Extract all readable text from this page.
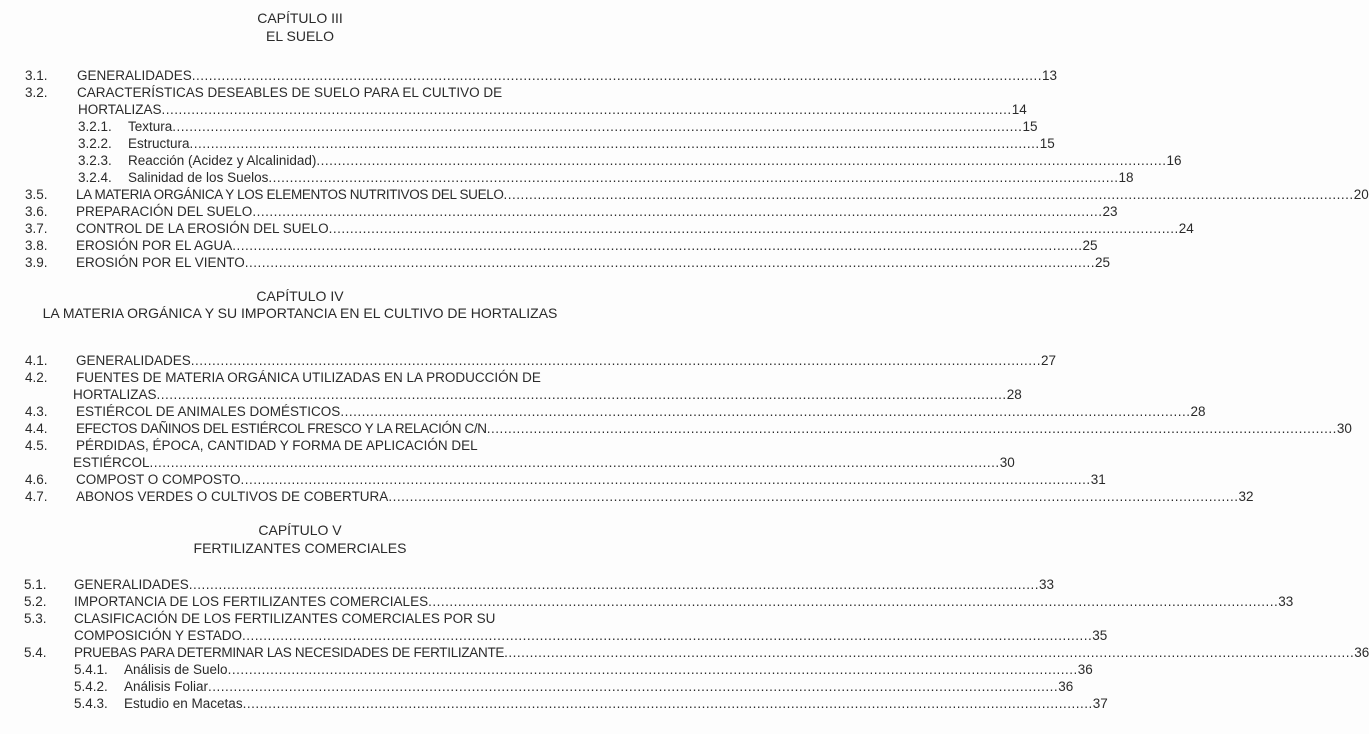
CAPÍTULO III
EL SUELO
3.1. GENERALIDADES ........................................................................................................................................................................................................ 13
3.2. CARACTERÍSTICAS DESEABLES DE SUELO PARA EL CULTIVO DE
HORTALIZAS ........................................................................................................................................................................................................ 14
3.2.1. Textura ........................................................................................................................................................................................................ 15
3.2.2. Estructura ........................................................................................................................................................................................................ 15
3.2.3. Reacción (Acidez y Alcalinidad) ........................................................................................................................................................................................................ 16
3.2.4. Salinidad de los Suelos ........................................................................................................................................................................................................ 18
3.5. LA MATERIA ORGÁNICA Y LOS ELEMENTOS NUTRITIVOS DEL SUELO ........................................................................................................................................................................................................ 20
3.6. PREPARACIÓN DEL SUELO ........................................................................................................................................................................................................ 23
3.7. CONTROL DE LA EROSIÓN DEL SUELO ........................................................................................................................................................................................................ 24
3.8. EROSIÓN POR EL AGUA ........................................................................................................................................................................................................ 25
3.9. EROSIÓN POR EL VIENTO ........................................................................................................................................................................................................ 25
CAPÍTULO IV
LA MATERIA ORGÁNICA Y SU IMPORTANCIA EN EL CULTIVO DE HORTALIZAS
4.1. GENERALIDADES ........................................................................................................................................................................................................ 27
4.2. FUENTES DE MATERIA ORGÁNICA UTILIZADAS EN LA PRODUCCIÓN DE
HORTALIZAS ........................................................................................................................................................................................................ 28
4.3. ESTIÉRCOL DE ANIMALES DOMÉSTICOS ........................................................................................................................................................................................................ 28
4.4. EFECTOS DAÑINOS DEL ESTIÉRCOL FRESCO Y LA RELACIÓN C/N ........................................................................................................................................................................................................ 30
4.5. PÉRDIDAS, ÉPOCA, CANTIDAD Y FORMA DE APLICACIÓN DEL
ESTIÉRCOL ........................................................................................................................................................................................................ 30
4.6. COMPOST O COMPOSTO ........................................................................................................................................................................................................ 31
4.7. ABONOS VERDES O CULTIVOS DE COBERTURA ........................................................................................................................................................................................................ 32
CAPÍTULO V
FERTILIZANTES COMERCIALES
5.1. GENERALIDADES ........................................................................................................................................................................................................ 33
5.2. IMPORTANCIA DE LOS FERTILIZANTES COMERCIALES ........................................................................................................................................................................................................ 33
5.3. CLASIFICACIÓN DE LOS FERTILIZANTES COMERCIALES POR SU
COMPOSICIÓN Y ESTADO ........................................................................................................................................................................................................ 35
5.4. PRUEBAS PARA DETERMINAR LAS NECESIDADES DE FERTILIZANTE ........................................................................................................................................................................................................ 36
5.4.1. Análisis de Suelo ........................................................................................................................................................................................................ 36
5.4.2. Análisis Foliar ........................................................................................................................................................................................................ 36
5.4.3. Estudio en Macetas ........................................................................................................................................................................................................ 37
